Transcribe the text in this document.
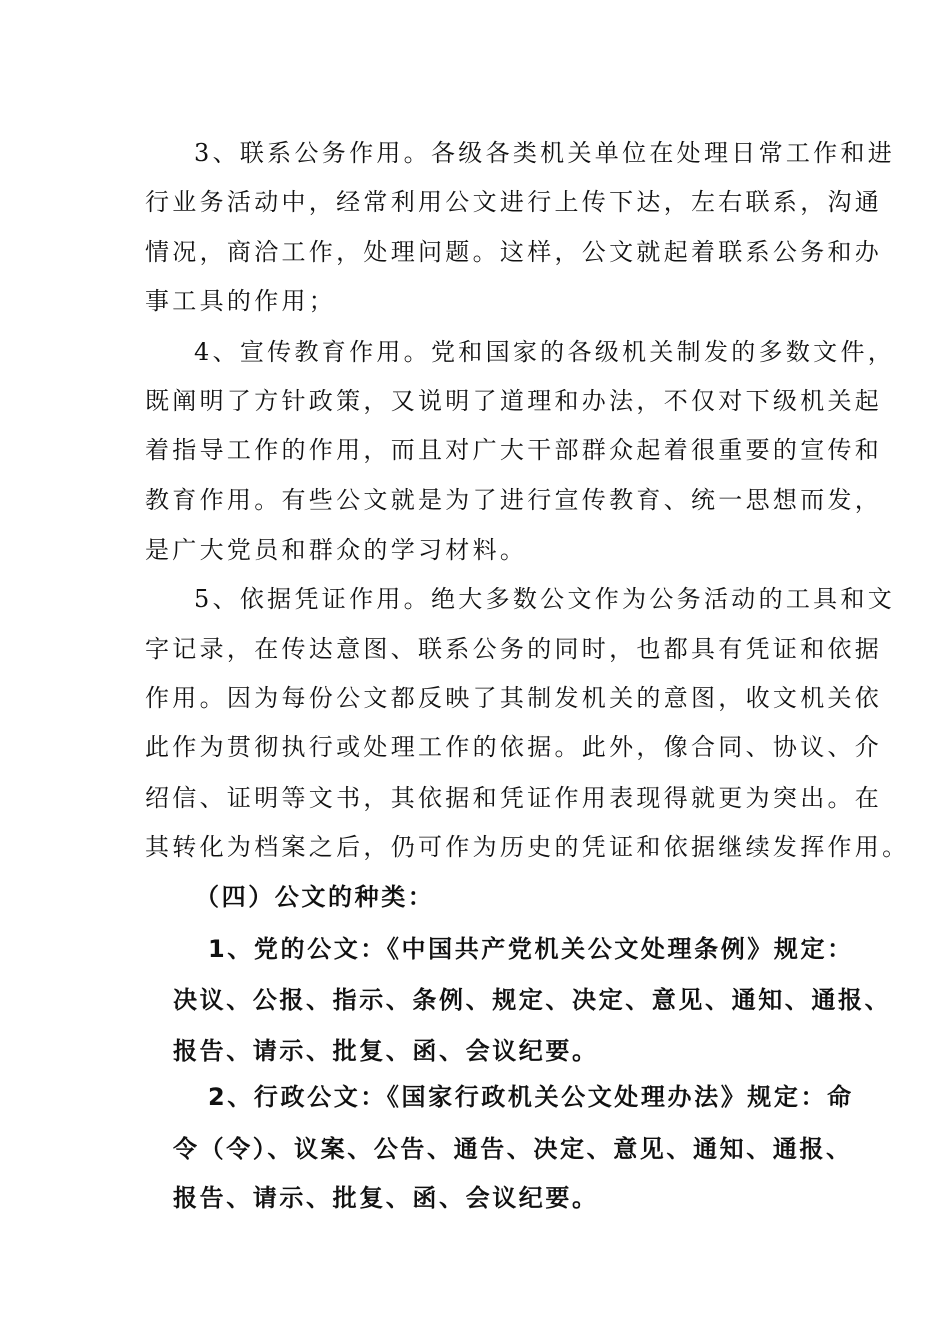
3、联系公务作用。各级各类机关单位在处理日常工作和进
行业务活动中，经常利用公文进行上传下达，左右联系，沟通
情况，商洽工作，处理问题。这样，公文就起着联系公务和办
事工具的作用；
4、宣传教育作用。党和国家的各级机关制发的多数文件，
既阐明了方针政策，又说明了道理和办法，不仅对下级机关起
着指导工作的作用，而且对广大干部群众起着很重要的宣传和
教育作用。有些公文就是为了进行宣传教育、统一思想而发，
是广大党员和群众的学习材料。
5、依据凭证作用。绝大多数公文作为公务活动的工具和文
字记录，在传达意图、联系公务的同时，也都具有凭证和依据
作用。因为每份公文都反映了其制发机关的意图，收文机关依
此作为贯彻执行或处理工作的依据。此外，像合同、协议、介
绍信、证明等文书，其依据和凭证作用表现得就更为突出。在
其转化为档案之后，仍可作为历史的凭证和依据继续发挥作用。
（四）公文的种类：
1、党的公文：《中国共产党机关公文处理条例》规定：
决议、公报、指示、条例、规定、决定、意见、通知、通报、
报告、请示、批复、函、会议纪要。
2、行政公文：《国家行政机关公文处理办法》规定：命
令（令）、议案、公告、通告、决定、意见、通知、通报、
报告、请示、批复、函、会议纪要。
